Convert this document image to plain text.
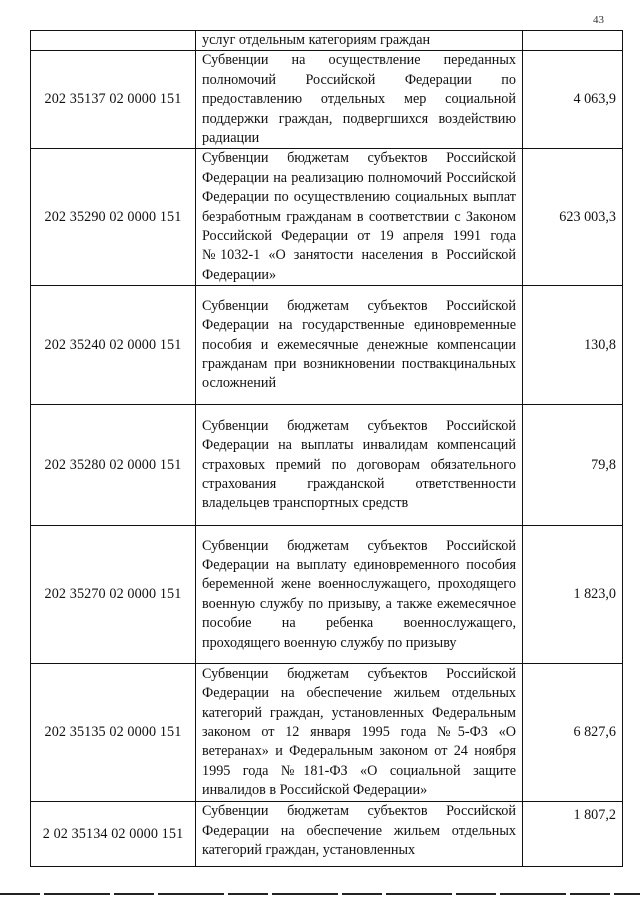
43
	услуг отдельным категориям граждан	
202 35137 02 0000 151	Субвенции на осуществление переданных полномочий Российской Федерации по предоставлению отдельных мер социальной поддержки граждан, подвергшихся воздействию радиации	4 063,9
202 35290 02 0000 151	Субвенции бюджетам субъектов Российской Федерации на реализацию полномочий Российской Федерации по осуществлению социальных выплат безработным гражданам в соответствии с Законом Российской Федерации от 19 апреля 1991 года №1032-1 «О занятости населения в Российской Федерации»	623 003,3
202 35240 02 0000 151	Субвенции бюджетам субъектов Российской Федерации на государственные единовременные пособия и ежемесячные денежные компенсации гражданам при возникновении поствакцинальных осложнений	130,8
202 35280 02 0000 151	Субвенции бюджетам субъектов Российской Федерации на выплаты инвалидам компенсаций страховых премий по договорам обязательного страхования гражданской ответственности владельцев транспортных средств	79,8
202 35270 02 0000 151	Субвенции бюджетам субъектов Российской Федерации на выплату единовременного пособия беременной жене военнослужащего, проходящего военную службу по призыву, а также ежемесячное пособие на ребенка военнослужащего, проходящего военную службу по призыву	1 823,0
202 35135 02 0000 151	Субвенции бюджетам субъектов Российской Федерации на обеспечение жильем отдельных категорий граждан, установленных Федеральным законом от 12 января 1995 года №5-ФЗ «О ветеранах» и Федеральным законом от 24 ноября 1995 года №181-ФЗ «О социальной защите инвалидов в Российской Федерации»	6 827,6
2 02 35134 02 0000 151	Субвенции бюджетам субъектов Российской Федерации на обеспечение жильем отдельных категорий граждан, установленных	1 807,2
